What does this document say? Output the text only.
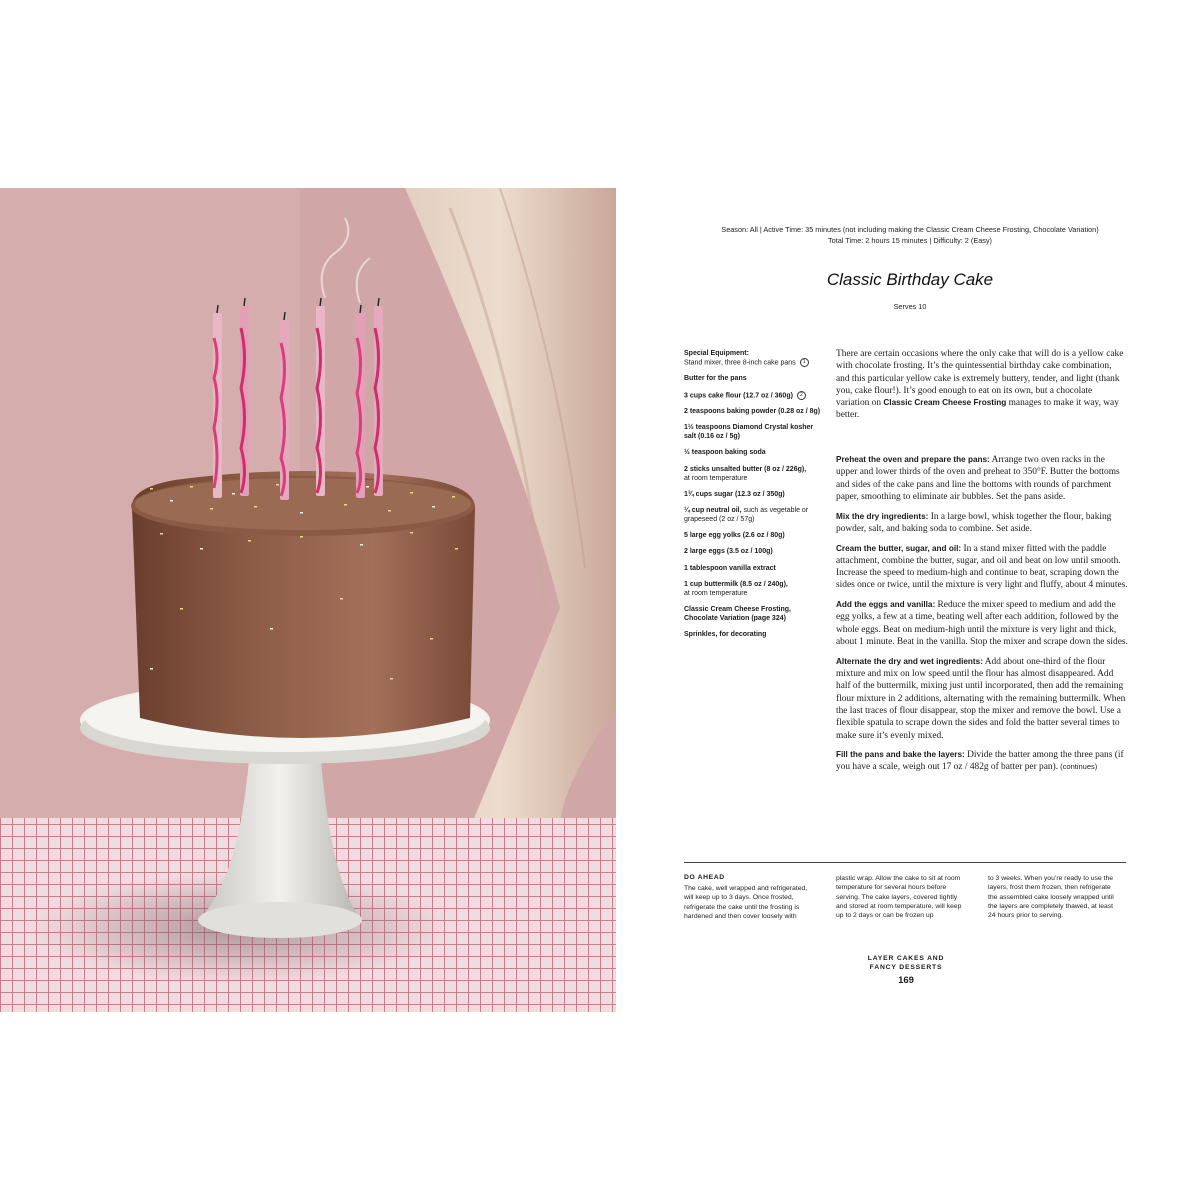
Season: All | Active Time: 35 minutes (not including making the Classic Cream Cheese Frosting, Chocolate Variation)
Total Time: 2 hours 15 minutes | Difficulty: 2 (Easy)
Classic Birthday Cake
Serves 10
Special Equipment:
Stand mixer, three 8-inch cake pans 1
Butter for the pans
3 cups cake flour (12.7 oz / 360g) 2
2 teaspoons baking powder (0.28 oz / 8g)
1½ teaspoons Diamond Crystal kosher salt (0.16 oz / 5g)
½ teaspoon baking soda
2 sticks unsalted butter (8 oz / 226g),
at room temperature
1¾ cups sugar (12.3 oz / 350g)
¼ cup neutral oil, such as vegetable or grapeseed (2 oz / 57g)
5 large egg yolks (2.6 oz / 80g)
2 large eggs (3.5 oz / 100g)
1 tablespoon vanilla extract
1 cup buttermilk (8.5 oz / 240g),
at room temperature
Classic Cream Cheese Frosting, Chocolate Variation (page 324)
Sprinkles, for decorating
There are certain occasions where the only cake that will do is a yellow cake with chocolate frosting. It’s the quintessential birthday cake combination, and this particular yellow cake is extremely buttery, tender, and light (thank you, cake flour!). It’s good enough to eat on its own, but a chocolate variation on Classic Cream Cheese Frosting manages to make it way, way better.

Preheat the oven and prepare the pans: Arrange two oven racks in the upper and lower thirds of the oven and preheat to 350°F. Butter the bottoms and sides of the cake pans and line the bottoms with rounds of parchment paper, smoothing to eliminate air bubbles. Set the pans aside.

Mix the dry ingredients: In a large bowl, whisk together the flour, baking powder, salt, and baking soda to combine. Set aside.

Cream the butter, sugar, and oil: In a stand mixer fitted with the paddle attachment, combine the butter, sugar, and oil and beat on low until smooth. Increase the speed to medium-high and continue to beat, scraping down the sides once or twice, until the mixture is very light and fluffy, about 4 minutes.

Add the eggs and vanilla: Reduce the mixer speed to medium and add the egg yolks, a few at a time, beating well after each addition, followed by the whole eggs. Beat on medium-high until the mixture is very light and thick, about 1 minute. Beat in the vanilla. Stop the mixer and scrape down the sides.

Alternate the dry and wet ingredients: Add about one-third of the flour mixture and mix on low speed until the flour has almost disappeared. Add half of the buttermilk, mixing just until incorporated, then add the remaining flour mixture in 2 additions, alternating with the remaining buttermilk. When the last traces of flour disappear, stop the mixer and remove the bowl. Use a flexible spatula to scrape down the sides and fold the batter several times to make sure it’s evenly mixed.

Fill the pans and bake the layers: Divide the batter among the three pans (if you have a scale, weigh out 17 oz / 482g of batter per pan). (continues)

DO AHEAD
The cake, well wrapped and refrigerated, will keep up to 3 days. Once frosted, refrigerate the cake until the frosting is hardened and then cover loosely with
plastic wrap. Allow the cake to sit at room temperature for several hours before serving. The cake layers, covered tightly and stored at room temperature, will keep up to 2 days or can be frozen up
to 3 weeks. When you’re ready to use the layers, frost them frozen, then refrigerate the assembled cake loosely wrapped until the layers are completely thawed, at least 24 hours prior to serving.
LAYER CAKES AND
FANCY DESSERTS
169
